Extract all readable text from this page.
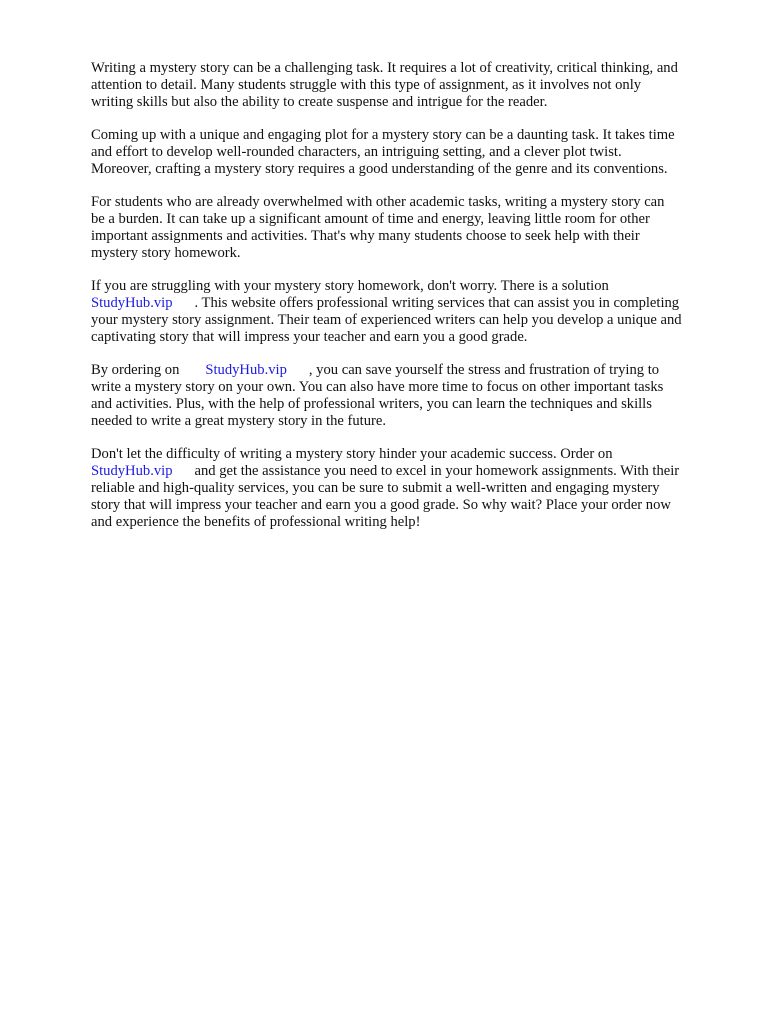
Writing a mystery story can be a challenging task. It requires a lot of creativity, critical thinking, and
attention to detail. Many students struggle with this type of assignment, as it involves not only
writing skills but also the ability to create suspense and intrigue for the reader.

Coming up with a unique and engaging plot for a mystery story can be a daunting task. It takes time
and effort to develop well-rounded characters, an intriguing setting, and a clever plot twist.
Moreover, crafting a mystery story requires a good understanding of the genre and its conventions.

For students who are already overwhelmed with other academic tasks, writing a mystery story can
be a burden. It can take up a significant amount of time and energy, leaving little room for other
important assignments and activities. That's why many students choose to seek help with their
mystery story homework.

If you are struggling with your mystery story homework, don't worry. There is a solution
StudyHub.vip . This website offers professional writing services that can assist you in completing
your mystery story assignment. Their team of experienced writers can help you develop a unique and
captivating story that will impress your teacher and earn you a good grade.

By ordering on StudyHub.vip , you can save yourself the stress and frustration of trying to
write a mystery story on your own. You can also have more time to focus on other important tasks
and activities. Plus, with the help of professional writers, you can learn the techniques and skills
needed to write a great mystery story in the future.

Don't let the difficulty of writing a mystery story hinder your academic success. Order on
StudyHub.vip and get the assistance you need to excel in your homework assignments. With their
reliable and high-quality services, you can be sure to submit a well-written and engaging mystery
story that will impress your teacher and earn you a good grade. So why wait? Place your order now
and experience the benefits of professional writing help!
